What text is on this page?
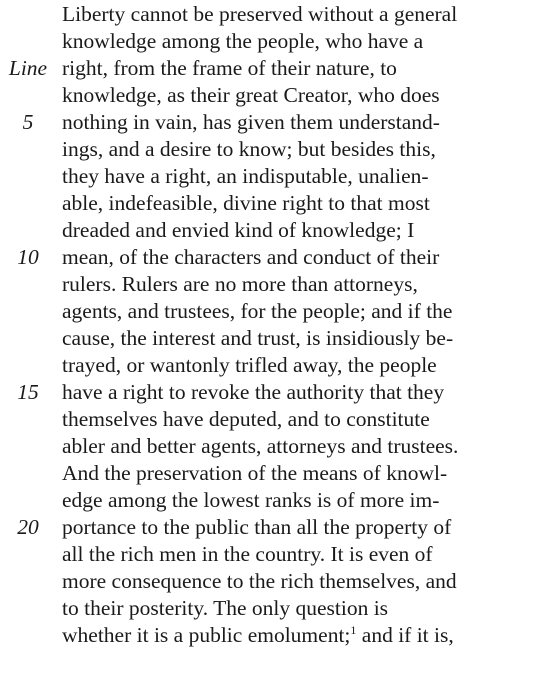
Liberty cannot be preserved without a general
knowledge among the people, who have a
Line right, from the frame of their nature, to
knowledge, as their great Creator, who does
5	nothing in vain, has given them understand-
ings, and a desire to know; but besides this,
they have a right, an indisputable, unalien-
able, indefeasible, divine right to that most
dreaded and envied kind of knowledge; I
10	mean, of the characters and conduct of their
rulers. Rulers are no more than attorneys,
agents, and trustees, for the people; and if the
cause, the interest and trust, is insidiously be-
trayed, or wantonly trifled away, the people
15	have a right to revoke the authority that they
themselves have deputed, and to constitute
abler and better agents, attorneys and trustees.
And the preservation of the means of knowl-
edge among the lowest ranks is of more im-
20	portance to the public than all the property of
all the rich men in the country. It is even of
more consequence to the rich themselves, and
to their posterity. The only question is
whether it is a public emolument;$^1$ and if it is,
